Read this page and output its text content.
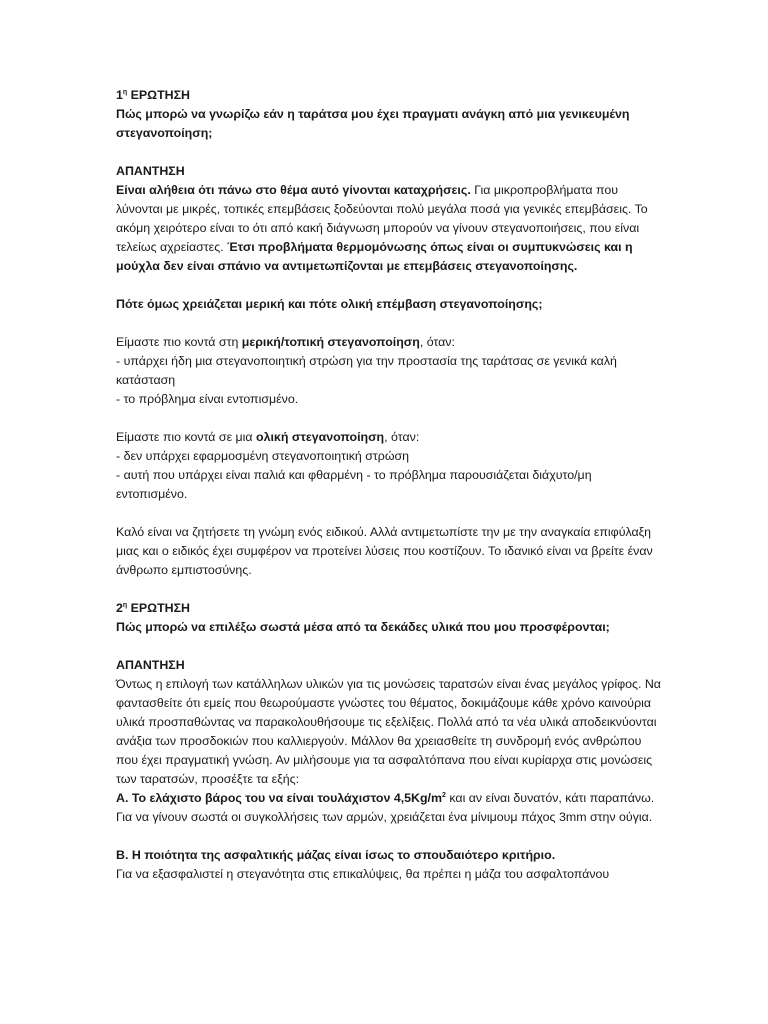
$1^\eta$ ΕΡΩΤΗΣΗ

Πώς μπορώ να γνωρίζω εάν η ταράτσα μου έχει πραγματι ανάγκη από μια γενικευμένη στεγανοποίηση;

ΑΠΑΝΤΗΣΗ

Είναι αλήθεια ότι πάνω στο θέμα αυτό γίνονται καταχρήσεις. Για μικροπροβλήματα που λύνονται με μικρές, τοπικές επεμβάσεις ξοδεύονται πολύ μεγάλα ποσά για γενικές επεμβάσεις. Το ακόμη χειρότερο είναι το ότι από κακή διάγνωση μπορούν να γίνουν στεγανοποιήσεις, που είναι τελείως αχρείαστες. Έτσι προβλήματα θερμομόνωσης όπως είναι οι συμπυκνώσεις και η μούχλα δεν είναι σπάνιο να αντιμετωπίζονται με επεμβάσεις στεγανοποίησης.

Πότε όμως χρειάζεται μερική και πότε ολική επέμβαση στεγανοποίησης;

Είμαστε πιο κοντά στη μερική/τοπική στεγανοποίηση, όταν:

- υπάρχει ήδη μια στεγανοποιητική στρώση για την προστασία της ταράτσας σε γενικά καλή κατάσταση

- το πρόβλημα είναι εντοπισμένο.

Είμαστε πιο κοντά σε μια ολική στεγανοποίηση, όταν:

- δεν υπάρχει εφαρμοσμένη στεγανοποιητική στρώση

- αυτή που υπάρχει είναι παλιά και φθαρμένη - το πρόβλημα παρουσιάζεται διάχυτο/μη εντοπισμένο.

Καλό είναι να ζητήσετε τη γνώμη ενός ειδικού. Αλλά αντιμετωπίστε την με την αναγκαία επιφύλαξη μιας και ο ειδικός έχει συμφέρον να προτείνει λύσεις που κοστίζουν. Το ιδανικό είναι να βρείτε έναν άνθρωπο εμπιστοσύνης.

$2^\eta$ ΕΡΩΤΗΣΗ

Πώς μπορώ να επιλέξω σωστά μέσα από τα δεκάδες υλικά που μου προσφέρονται;

ΑΠΑΝΤΗΣΗ

Όντως η επιλογή των κατάλληλων υλικών για τις μονώσεις ταρατσών είναι ένας μεγάλος γρίφος. Να φαντασθείτε ότι εμείς που θεωρούμαστε γνώστες του θέματος, δοκιμάζουμε κάθε χρόνο καινούρια υλικά προσπαθώντας να παρακολουθήσουμε τις εξελίξεις. Πολλά από τα νέα υλικά αποδεικνύονται ανάξια των προσδοκιών που καλλιεργούν. Μάλλον θα χρειασθείτε τη συνδρομή ενός ανθρώπου που έχει πραγματική γνώση. Αν μιλήσουμε για τα ασφαλτόπανα που είναι κυρίαρχα στις μονώσεις των ταρατσών, προσέξτε τα εξής:

Α. Το ελάχιστο βάρος του να είναι τουλάχιστον $4,5Kg/m^2$ και αν είναι δυνατόν, κάτι παραπάνω.

Για να γίνουν σωστά οι συγκολλήσεις των αρμών, χρειάζεται ένα μίνιμουμ πάχος 3mm στην ούγια.

Β. Η ποιότητα της ασφαλτικής μάζας είναι ίσως το σπουδαιότερο κριτήριο.

Για να εξασφαλιστεί η στεγανότητα στις επικαλύψεις, θα πρέπει η μάζα του ασφαλτοπάνου
